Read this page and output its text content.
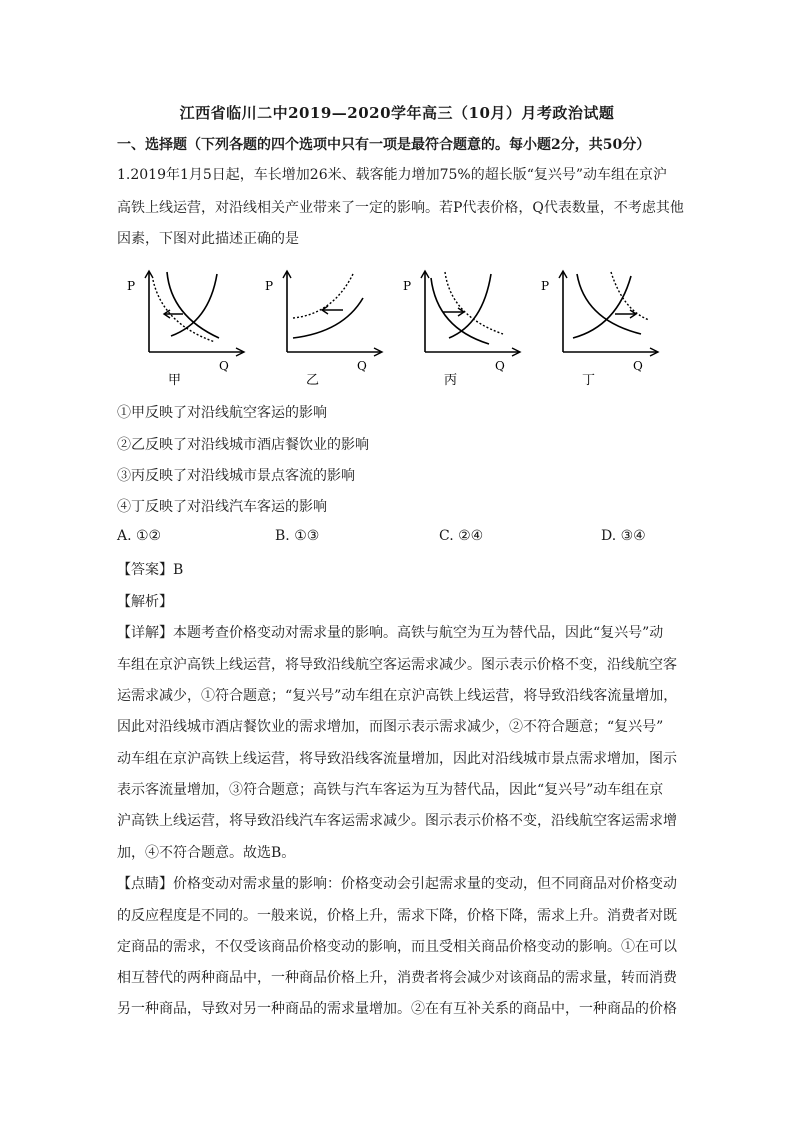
江西省临川二中2019—2020学年高三（10月）月考政治试题
一、选择题（下列各题的四个选项中只有一项是最符合题意的。每小题2分，共50分）
1.2019年1月5日起，车长增加26米、载客能力增加75%的超长版“复兴号”动车组在京沪
高铁上线运营，对沿线相关产业带来了一定的影响。若P代表价格，Q代表数量，不考虑其他
因素，下图对此描述正确的是
P
Q
甲
P
Q
乙
P
Q
丙
P
Q
丁
①甲反映了对沿线航空客运的影响
②乙反映了对沿线城市酒店餐饮业的影响
③丙反映了对沿线城市景点客流的影响
④丁反映了对沿线汽车客运的影响
A. ①②	B. ①③	C. ②④	D. ③④
【答案】B
【解析】
【详解】本题考查价格变动对需求量的影响。高铁与航空为互为替代品，因此“复兴号”动
车组在京沪高铁上线运营，将导致沿线航空客运需求减少。图示表示价格不变，沿线航空客
运需求减少，①符合题意；“复兴号”动车组在京沪高铁上线运营，将导致沿线客流量增加，
因此对沿线城市酒店餐饮业的需求增加，而图示表示需求减少，②不符合题意；“复兴号”
动车组在京沪高铁上线运营，将导致沿线客流量增加，因此对沿线城市景点需求增加，图示
表示客流量增加，③符合题意；高铁与汽车客运为互为替代品，因此“复兴号”动车组在京
沪高铁上线运营，将导致沿线汽车客运需求减少。图示表示价格不变，沿线航空客运需求增
加，④不符合题意。故选B。
【点睛】价格变动对需求量的影响：价格变动会引起需求量的变动，但不同商品对价格变动
的反应程度是不同的。一般来说，价格上升，需求下降，价格下降，需求上升。消费者对既
定商品的需求，不仅受该商品价格变动的影响，而且受相关商品价格变动的影响。①在可以
相互替代的两种商品中，一种商品价格上升，消费者将会减少对该商品的需求量，转而消费
另一种商品，导致对另一种商品的需求量增加。②在有互补关系的商品中，一种商品的价格
